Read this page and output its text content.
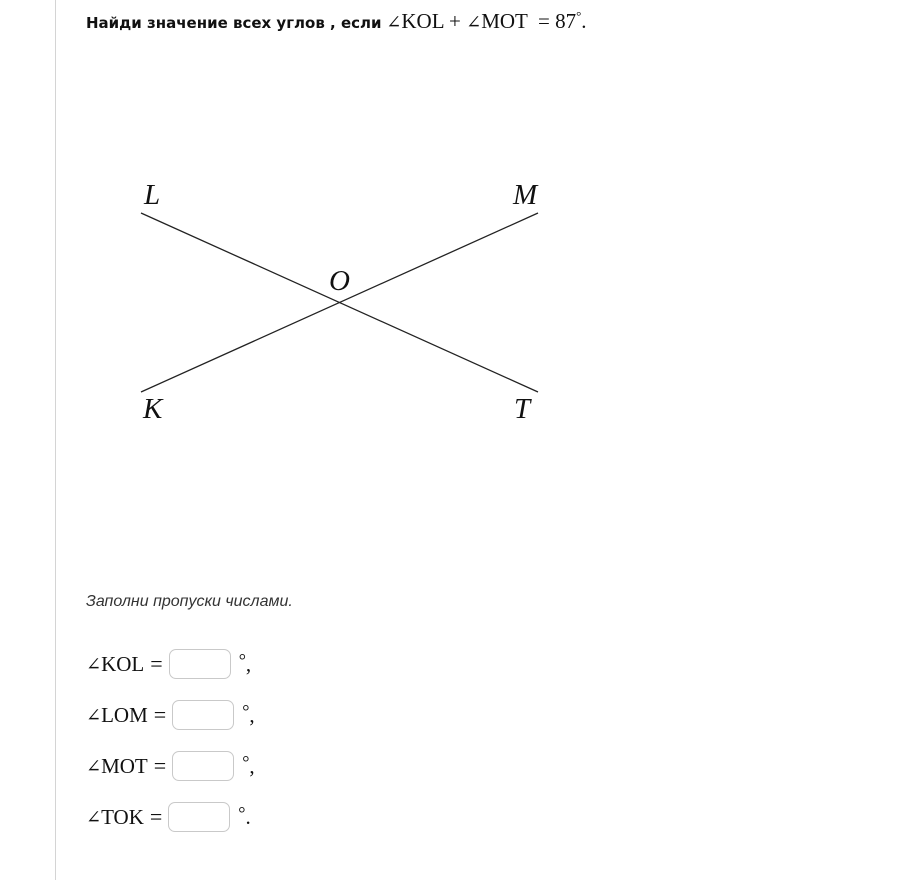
Найди значение всех углов , если ∠KOL + ∠MOT = 87°.
L	M
O
K	T
Заполни пропуски числами.
∠ KOL =	° ,
∠ LOM =	° ,
∠ MOT =	° ,
∠ TOK =	° .
